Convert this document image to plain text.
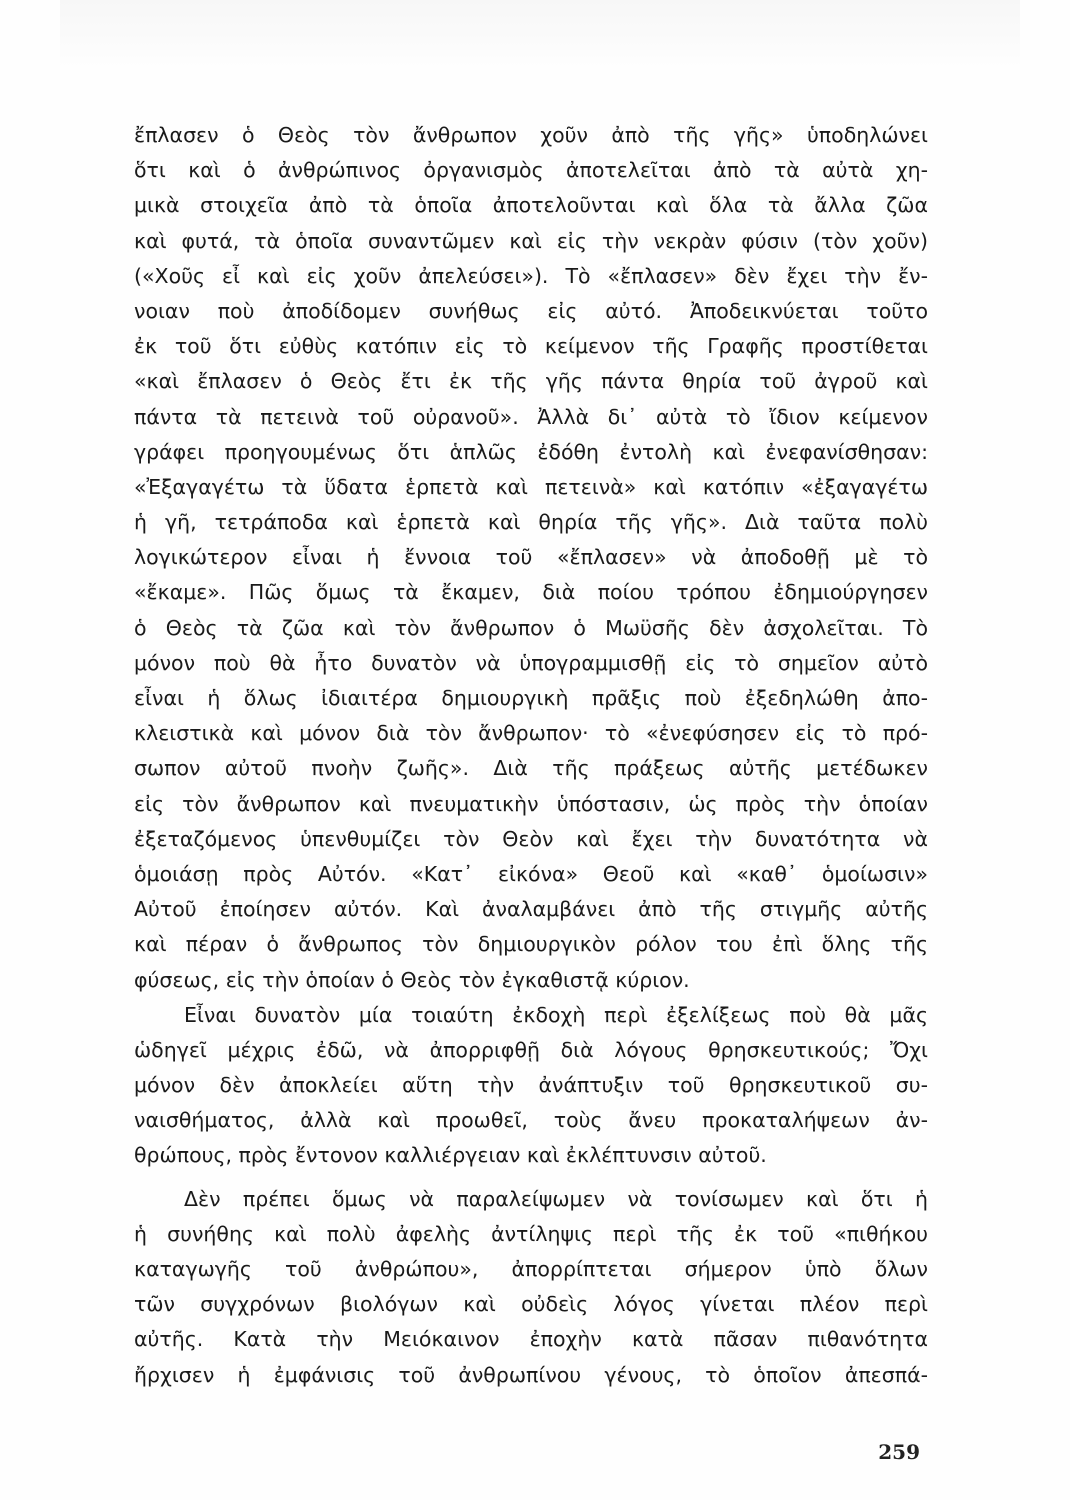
ἔπλασεν ὁ Θεὸς τὸν ἄνθρωπον χοῦν ἀπὸ τῆς γῆς» ὑποδηλώνει
ὅτι καὶ ὁ ἀνθρώπινος ὀργανισμὸς ἀποτελεῖται ἀπὸ τὰ αὐτὰ χη-
μικὰ στοιχεῖα ἀπὸ τὰ ὁποῖα ἀποτελοῦνται καὶ ὅλα τὰ ἄλλα ζῶα
καὶ φυτά, τὰ ὁποῖα συναντῶμεν καὶ εἰς τὴν νεκρὰν φύσιν (τὸν χοῦν)
(«Χοῦς εἶ καὶ εἰς χοῦν ἀπελεύσει»). Τὸ «ἔπλασεν» δὲν ἔχει τὴν ἔν-
νοιαν ποὺ ἀποδίδομεν συνήθως εἰς αὐτό. Ἀποδεικνύεται τοῦτο
ἐκ τοῦ ὅτι εὐθὺς κατόπιν εἰς τὸ κείμενον τῆς Γραφῆς προστίθεται
«καὶ ἔπλασεν ὁ Θεὸς ἔτι ἐκ τῆς γῆς πάντα θηρία τοῦ ἀγροῦ καὶ
πάντα τὰ πετεινὰ τοῦ οὐρανοῦ». Ἀλλὰ δι᾽ αὐτὰ τὸ ἴδιον κείμενον
γράφει προηγουμένως ὅτι ἁπλῶς ἐδόθη ἐντολὴ καὶ ἐνεφανίσθησαν:
«Ἐξαγαγέτω τὰ ὕδατα ἑρπετὰ καὶ πετεινὰ» καὶ κατόπιν «ἐξαγαγέτω
ἡ γῆ, τετράποδα καὶ ἑρπετὰ καὶ θηρία τῆς γῆς». Διὰ ταῦτα πολὺ
λογικώτερον εἶναι ἡ ἔννοια τοῦ «ἔπλασεν» νὰ ἀποδοθῇ μὲ τὸ
«ἔκαμε». Πῶς ὅμως τὰ ἔκαμεν, διὰ ποίου τρόπου ἐδημιούργησεν
ὁ Θεὸς τὰ ζῶα καὶ τὸν ἄνθρωπον ὁ Μωϋσῆς δὲν ἀσχολεῖται. Τὸ
μόνον ποὺ θὰ ἦτο δυνατὸν νὰ ὑπογραμμισθῇ εἰς τὸ σημεῖον αὐτὸ
εἶναι ἡ ὅλως ἰδιαιτέρα δημιουργικὴ πρᾶξις ποὺ ἐξεδηλώθη ἀπο-
κλειστικὰ καὶ μόνον διὰ τὸν ἄνθρωπον· τὸ «ἐνεφύσησεν εἰς τὸ πρό-
σωπον αὐτοῦ πνοὴν ζωῆς». Διὰ τῆς πράξεως αὐτῆς μετέδωκεν
εἰς τὸν ἄνθρωπον καὶ πνευματικὴν ὑπόστασιν, ὡς πρὸς τὴν ὁποίαν
ἐξεταζόμενος ὑπενθυμίζει τὸν Θεὸν καὶ ἔχει τὴν δυνατότητα νὰ
ὁμοιάσῃ πρὸς Αὐτόν. «Κατ᾽ εἰκόνα» Θεοῦ καὶ «καθ᾽ ὁμοίωσιν»
Αὐτοῦ ἐποίησεν αὐτόν. Καὶ ἀναλαμβάνει ἀπὸ τῆς στιγμῆς αὐτῆς
καὶ πέραν ὁ ἄνθρωπος τὸν δημιουργικὸν ρόλον του ἐπὶ ὅλης τῆς
φύσεως, εἰς τὴν ὁποίαν ὁ Θεὸς τὸν ἐγκαθιστᾷ κύριον.
Εἶναι δυνατὸν μία τοιαύτη ἐκδοχὴ περὶ ἐξελίξεως ποὺ θὰ μᾶς
ὡδηγεῖ μέχρις ἐδῶ, νὰ ἀπορριφθῇ διὰ λόγους θρησκευτικούς; Ὄχι
μόνον δὲν ἀποκλείει αὕτη τὴν ἀνάπτυξιν τοῦ θρησκευτικοῦ συ-
ναισθήματος, ἀλλὰ καὶ προωθεῖ, τοὺς ἄνευ προκαταλήψεων ἀν-
θρώπους, πρὸς ἔντονον καλλιέργειαν καὶ ἐκλέπτυνσιν αὐτοῦ.
Δὲν πρέπει ὅμως νὰ παραλείψωμεν νὰ τονίσωμεν καὶ ὅτι ἡ
ἡ συνήθης καὶ πολὺ ἀφελὴς ἀντίληψις περὶ τῆς ἐκ τοῦ «πιθήκου
καταγωγῆς τοῦ ἀνθρώπου», ἀπορρίπτεται σήμερον ὑπὸ ὅλων
τῶν συγχρόνων βιολόγων καὶ οὐδεὶς λόγος γίνεται πλέον περὶ
αὐτῆς. Κατὰ τὴν Μειόκαινον ἐποχὴν κατὰ πᾶσαν πιθανότητα
ἤρχισεν ἡ ἐμφάνισις τοῦ ἀνθρωπίνου γένους, τὸ ὁποῖον ἀπεσπά-
259
